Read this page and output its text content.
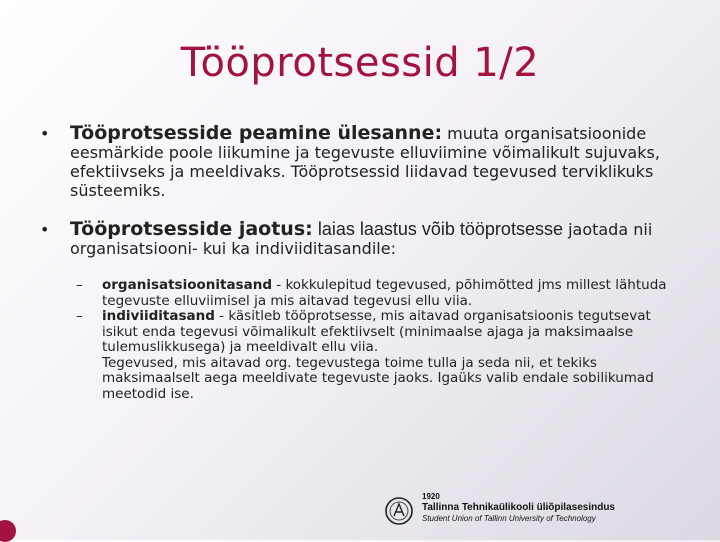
Tööprotsessid 1/2
• Tööprotsesside peamine ülesanne: muuta organisatsioonide eesmärkide poole liikumine ja tegevuste elluviimine võimalikult sujuvaks, efektiivseks ja meeldivaks. Tööprotsessid liidavad tegevused terviklikuks süsteemiks.
• Tööprotsesside jaotus: laias laastus võib tööprotsesse jaotada nii organisatsiooni- kui ka indiviiditasandile:
– organisatsioonitasand - kokkulepitud tegevused, põhimõtted jms millest lähtuda tegevuste elluviimisel ja mis aitavad tegevusi ellu viia.
– indiviiditasand - käsitleb tööprotsesse, mis aitavad organisatsioonis tegutsevat isikut enda tegevusi võimalikult efektiivselt (minimaalse ajaga ja maksimaalse tulemuslikkusega) ja meeldivalt ellu viia.
Tegevused, mis aitavad org. tegevustega toime tulla ja seda nii, et tekiks maksimaalselt aega meeldivate tegevuste jaoks. Igaüks valib endale sobilikumad meetodid ise.
1920
Tallinna Tehnikaülikooli üliõpilasesindus
Student Union of Tallinn University of Technology
